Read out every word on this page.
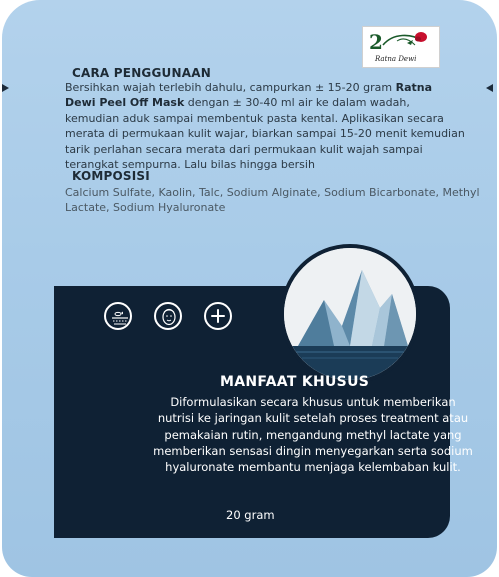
2
Ratna Dewi
CARA PENGGUNAAN
Bersihkan wajah terlebih dahulu, campurkan ± 15-20 gram Ratna Dewi Peel Off Mask dengan ± 30-40 ml air ke dalam wadah, kemudian aduk sampai membentuk pasta kental. Aplikasikan secara merata di permukaan kulit wajar, biarkan sampai 15-20 menit kemudian tarik perlahan secara merata dari permukaan kulit wajah sampai terangkat sempurna. Lalu bilas hingga bersih
KOMPOSISI
Calcium Sulfate, Kaolin, Talc, Sodium Alginate, Sodium Bicarbonate, Methyl Lactate, Sodium Hyaluronate
MANFAAT KHUSUS
Diformulasikan secara khusus untuk memberikan nutrisi ke jaringan kulit setelah proses treatment atau pemakaian rutin, mengandung methyl lactate yang memberikan sensasi dingin menyegarkan serta sodium hyaluronate membantu menjaga kelembaban kulit.
20 gram
